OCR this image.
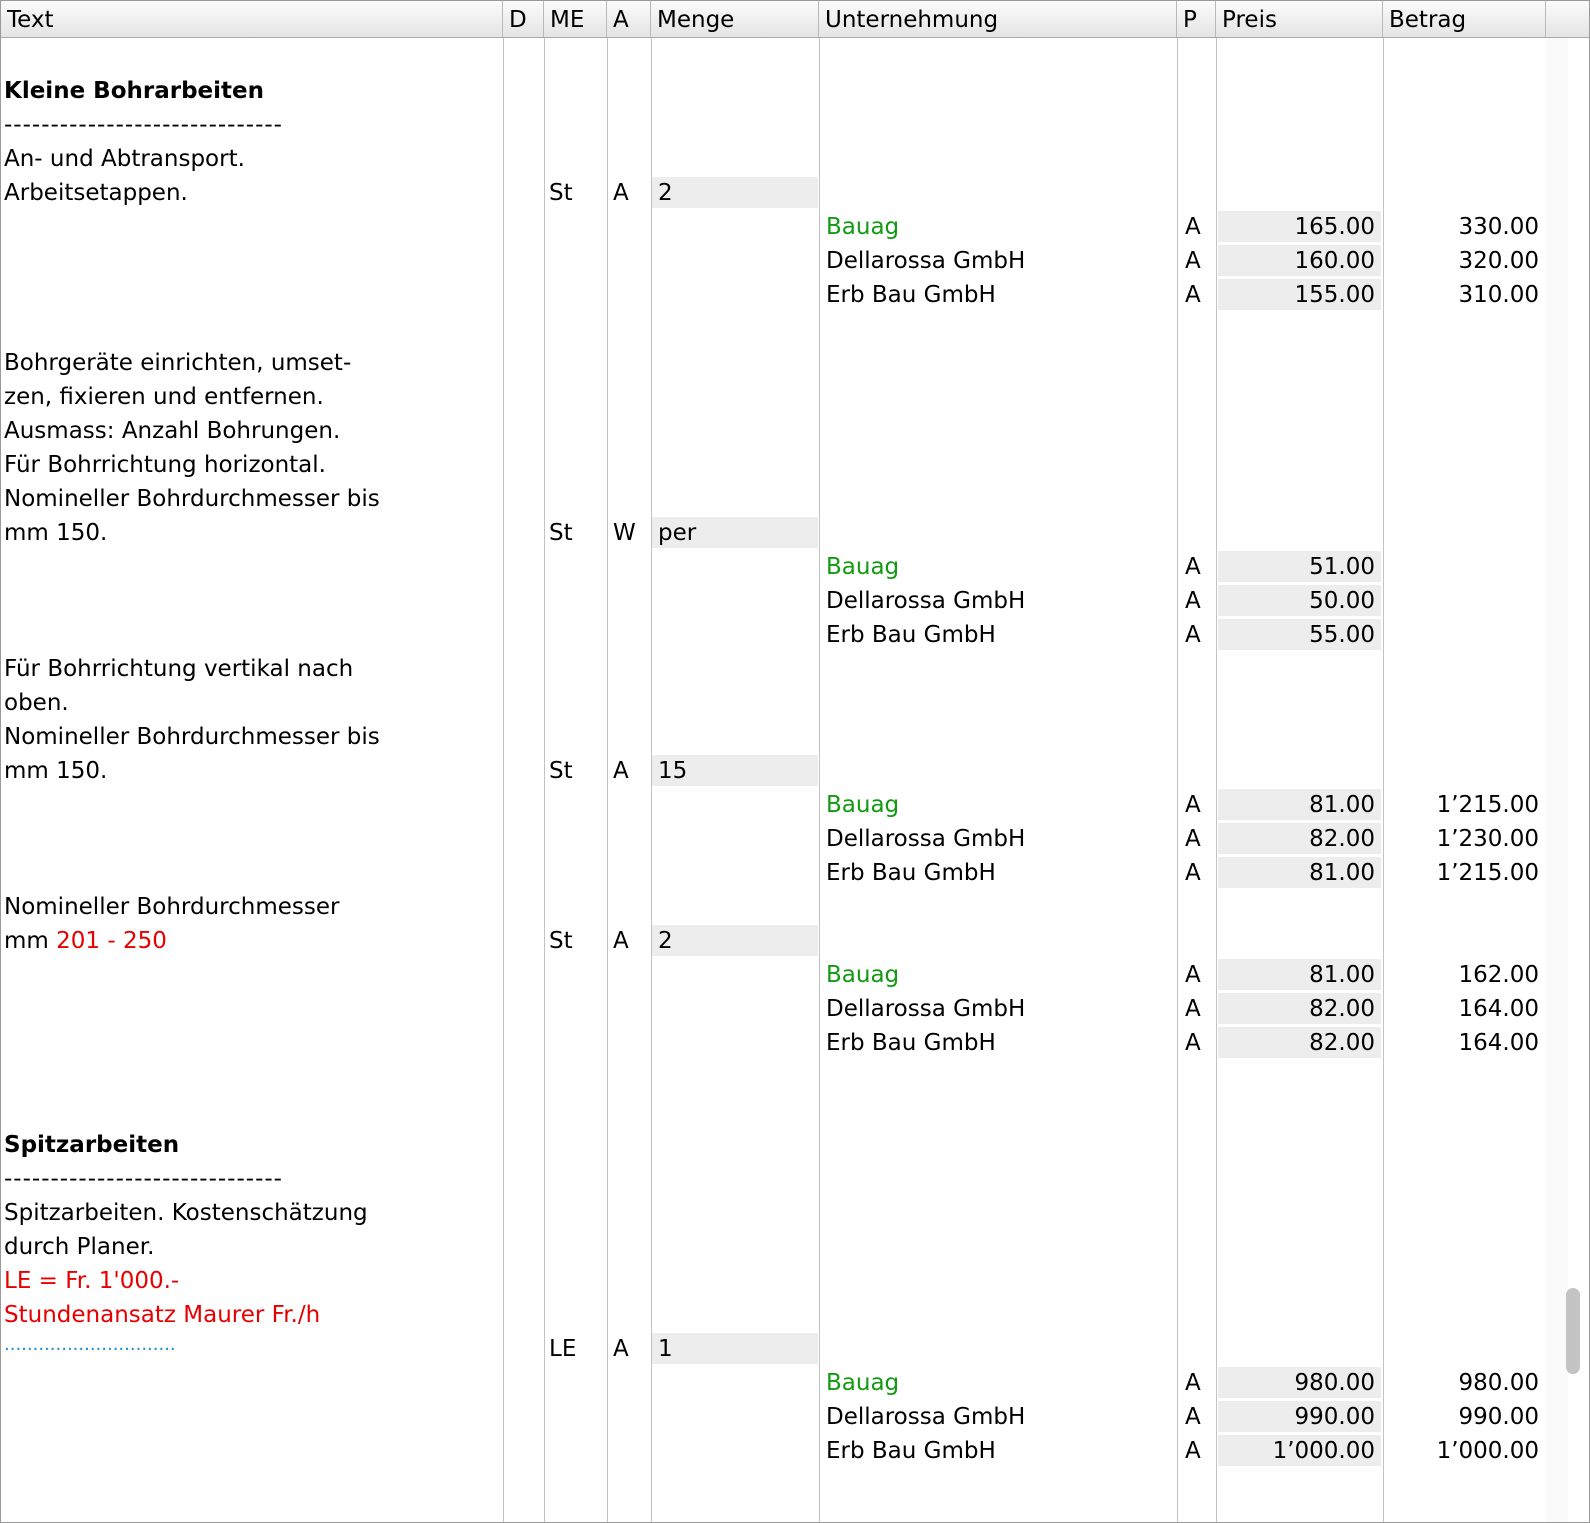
Text	D	ME	A	Menge	Unternehmung	P	Preis	Betrag
Kleine Bohrarbeiten
------------------------------
An- und Abtransport.
Arbeitsetappen.	St A 2
Bauag	A	165.00	330.00
Dellarossa GmbH	A	160.00	320.00
Erb Bau GmbH	A	155.00	310.00
Bohrgeräte einrichten, umset-
zen, fixieren und entfernen.
Ausmass: Anzahl Bohrungen.
Für Bohrrichtung horizontal.
Nomineller Bohrdurchmesser bis
mm 150.	St W per
Bauag	A	51.00
Dellarossa GmbH	A	50.00
Erb Bau GmbH	A	55.00
Für Bohrrichtung vertikal nach
oben.
Nomineller Bohrdurchmesser bis
mm 150.	St A 15
Bauag	A	81.00	1’215.00
Dellarossa GmbH	A	82.00	1’230.00
Erb Bau GmbH	A	81.00	1’215.00
Nomineller Bohrdurchmesser
mm 201 - 250	St A 2
Bauag	A	81.00	162.00
Dellarossa GmbH	A	82.00	164.00
Erb Bau GmbH	A	82.00	164.00
Spitzarbeiten
------------------------------
Spitzarbeiten. Kostenschätzung
durch Planer.
LE = Fr. 1'000.-
Stundenansatz Maurer Fr./h
..............................	LE A 1
Bauag	A	980.00	980.00
Dellarossa GmbH	A	990.00	990.00
Erb Bau GmbH	A	1’000.00	1’000.00
